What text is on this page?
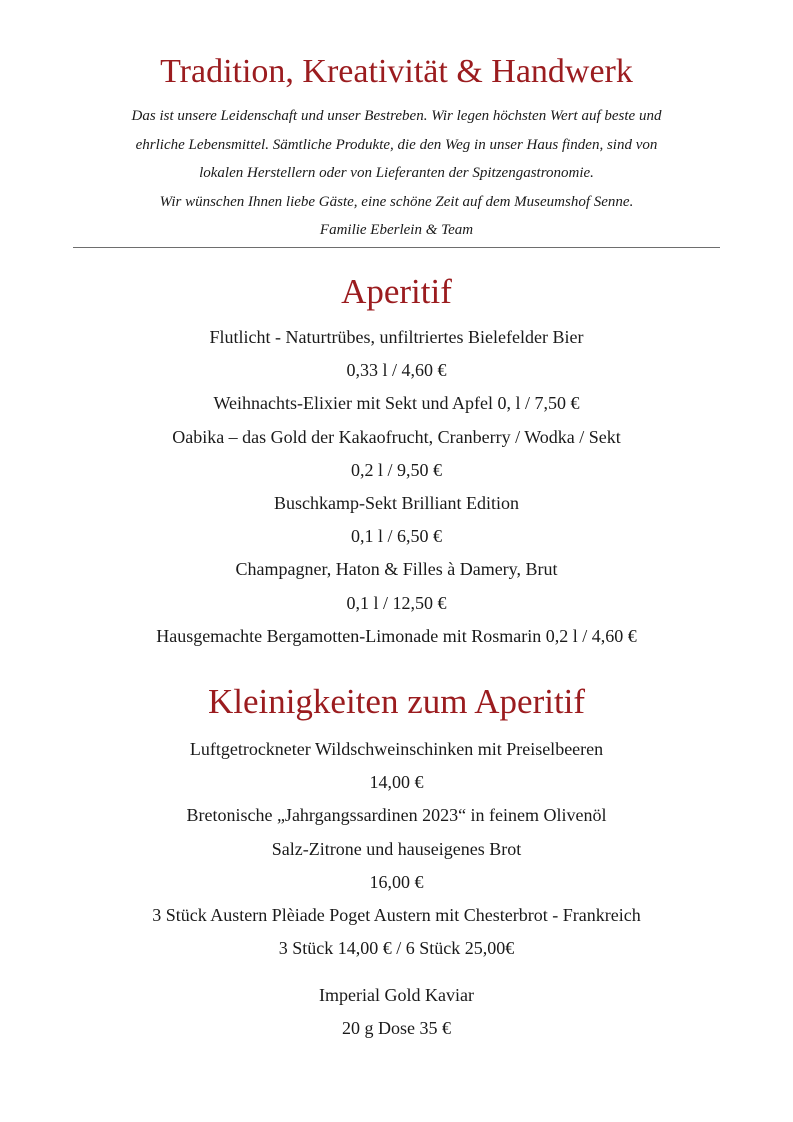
Tradition, Kreativität & Handwerk
Das ist unsere Leidenschaft und unser Bestreben. Wir legen höchsten Wert auf beste und
ehrliche Lebensmittel. Sämtliche Produkte, die den Weg in unser Haus finden, sind von
lokalen Herstellern oder von Lieferanten der Spitzengastronomie.
Wir wünschen Ihnen liebe Gäste, eine schöne Zeit auf dem Museumshof Senne.
Familie Eberlein & Team
Aperitif
Flutlicht - Naturtrübes, unfiltriertes Bielefelder Bier
0,33 l / 4,60 €
Weihnachts-Elixier mit Sekt und Apfel 0, l / 7,50 €
Oabika – das Gold der Kakaofrucht, Cranberry / Wodka / Sekt
0,2 l / 9,50 €
Buschkamp-Sekt Brilliant Edition
0,1 l / 6,50 €
Champagner, Haton & Filles à Damery, Brut
0,1 l / 12,50 €
Hausgemachte Bergamotten-Limonade mit Rosmarin 0,2 l / 4,60 €
Kleinigkeiten zum Aperitif
Luftgetrockneter Wildschweinschinken mit Preiselbeeren
14,00 €
Bretonische „Jahrgangssardinen 2023“ in feinem Olivenöl
Salz-Zitrone und hauseigenes Brot
16,00 €
3 Stück Austern Plèiade Poget Austern mit Chesterbrot - Frankreich
3 Stück 14,00 € / 6 Stück 25,00€
Imperial Gold Kaviar
20 g Dose 35 €
